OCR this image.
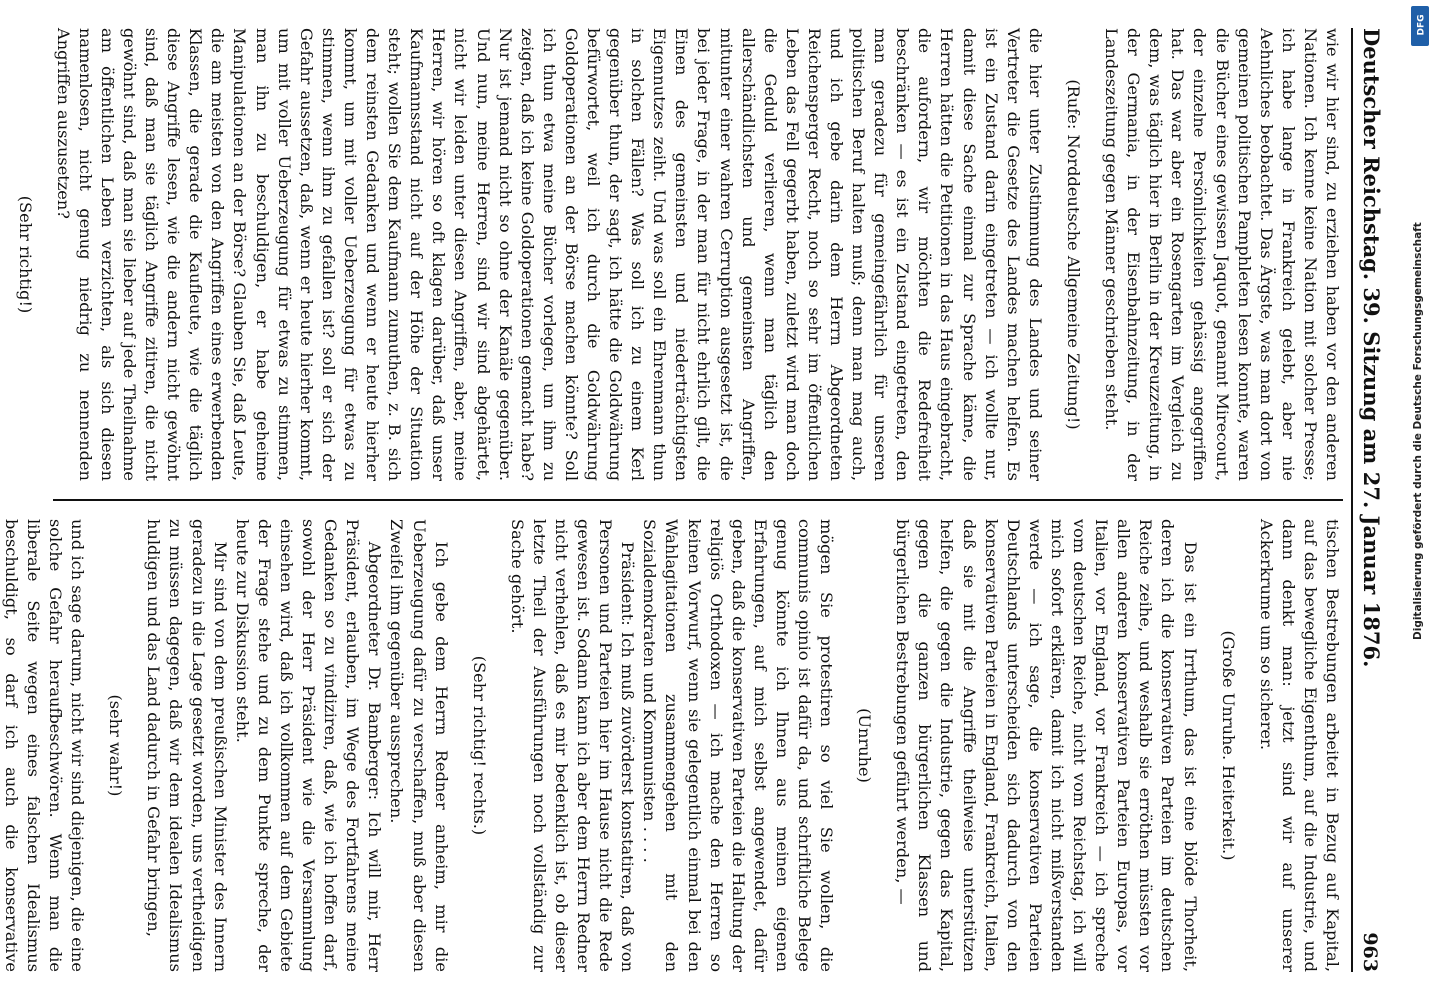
Deutscher Reichstag. 39. Sitzung am 27. Januar 1876.
963

wie wir hier sind, zu erziehen haben vor den anderen Nationen. Ich kenne keine Nation mit solcher Presse; ich habe lange in Frankreich gelebt, aber nie Aehnliches beobachtet. Das Ärgste, was man dort von gemeinen politischen Pamphleten lesen konnte, waren die Bücher eines gewissen Jaquot, genannt Mirecourt, der einzelne Persönlichkeiten gehässig angegriffen hat. Das war aber ein Rosengarten im Vergleich zu dem, was täglich hier in Berlin in der Kreuzzeitung, in der Germania, in der Eisenbahnzeitung, in der Landeszeitung gegen Männer geschrieben steht.

(Rufe: Norddeutsche Allgemeine Zeitung!)

die hier unter Zustimmung des Landes und seiner Vertreter die Gesetze des Landes machen helfen. Es ist ein Zustand darin eingetreten — ich wollte nur, damit diese Sache einmal zur Sprache käme, die Herren hätten die Petitionen in das Haus eingebracht, die aufordern, wir möchten die Redefreiheit beschränken — es ist ein Zustand eingetreten, den man geradezu für gemeingefährlich für unseren politischen Beruf halten muß; denn man mag auch, und ich gebe darin dem Herrn Abgeordneten Reichensperger Recht, noch so sehr im öffentlichen Leben das Fell gegerbt haben, zuletzt wird man doch die Geduld verlieren, wenn man täglich den allerschändlichsten und gemeinsten Angriffen, mitunter einer wahren Cerruption ausgesetzt ist, die bei jeder Frage, in der man für nicht ehrlich gilt, die Einen des gemeinsten und niederträchtigsten Eigennutzes zeiht. Und was soll ein Ehrenmann thun in solchen Fällen? Was soll ich zu einem Kerl gegenüber thun, der sagt, ich hätte die Goldwährung befürwortet, weil ich durch die Goldwährung Goldoperationen an der Börse machen könnte? Soll ich thun etwa meine Bücher vorlegen, um ihm zu zeigen, daß ich keine Goldoperationen gemacht habe? Nur ist jemand nicht so ohne der Kanäle gegenüber. Und nun, meine Herren, sind wir sind abgehärtet, nicht wir leiden unter diesen Angriffen, aber, meine Herren, wir hören so oft klagen darüber, daß unser Kaufmannsstand nicht auf der Höhe der Situation steht; wollen Sie dem Kaufmann zumuthen, z. B. sich dem reinsten Gedanken und wenn er heute hierher kommt, um mit voller Ueberzeugung für etwas zu stimmen, wenn ihm zu gefallen ist? soll er sich der Gefahr aussetzen, daß, wenn er heute hierher kommt, um mit voller Ueberzeugung für etwas zu stimmen, man ihn zu beschuldigen, er habe geheime Manipulationen an der Börse? Glauben Sie, daß Leute, die am meisten von den Angriffen eines erwerbenden Klassen, die gerade die Kaufleute, wie die täglich diese Angriffe lesen, wie die andern nicht gewöhnt sind, daß man sie täglich Angriffe zitiren, die nicht gewöhnt sind, daß man sie lieber auf jede Theilnahme am öffentlichen Leben verzichten, als sich diesen namenlosen, nicht genug niedrig zu nennenden Angriffen auszusetzen?

(Sehr richtig!)

tischen Bestrebungen arbeitet in Bezug auf Kapital, auf das bewegliche Eigenthum, auf die Industrie, und dann denkt man: jetzt sind wir auf unserer Ackerkrume um so sicherer.

(Große Unruhe. Heiterkeit.)

Das ist ein Irrthum, das ist eine blöde Thorheit, deren ich die konservativen Parteien im deutschen Reiche zeihe, und weshalb sie erröthen müssten vor allen anderen konservativen Parteien Europas, vor Italien, vor England, vor Frankreich — ich spreche vom deutschen Reiche, nicht vom Reichstag, ich will mich sofort erklären, damit ich nicht mißverstanden werde — ich sage, die konservativen Parteien Deutschlands unterscheiden sich dadurch von den konservativen Parteien in England, Frankreich, Italien, daß sie mit die Angriffe theilweise unterstützen helfen, die gegen die Industrie, gegen das Kapital, gegen die ganzen bürgerlichen Klassen und bürgerlichen Bestrebungen geführt werden, —

(Unruhe)

mögen Sie protestiren so viel Sie wollen, die communis opinio ist dafür da, und schriftliche Belege genug könnte ich Ihnen aus meinen eigenen Erfahrungen, auf mich selbst angewendet, dafür geben, daß die konservativen Parteien die Haltung der religiös Orthodoxen — ich mache den Herren so keinen Vorwurf, wenn sie gelegentlich einmal bei den Wahlagitationen zusammengehen mit den Sozialdemokraten und Kommunisten . . . .

Präsident: Ich muß zuvörderst konstatiren, daß von Personen und Parteien hier im Hause nicht die Rede gewesen ist. Sodann kann ich aber dem Herrn Redner nicht verhehlen, daß es mir bedenklich ist, ob dieser letzte Theil der Ausführungen noch vollständig zur Sache gehört.

(Sehr richtig! rechts.)

Ich gebe dem Herrn Redner anheim, mir die Ueberzeugung dafür zu verschaffen, muß aber diesen Zweifel ihm gegenüber aussprechen.

Abgeordneter Dr. Bamberger: Ich will mir, Herr Präsident, erlauben, im Wege des Fortfahrens meine Gedanken so zu vindiziren, daß, wie ich hoffen darf, sowohl der Herr Präsident wie die Versammlung einsehen wird, daß ich vollkommen auf dem Gebiete der Frage stehe und zu dem Punkte spreche, der heute zur Diskussion steht.

Mir sind von dem preußischen Minister des Innern geradezu in die Lage gesetzt worden, uns vertheidigen zu müssen dagegen, daß wir dem idealen Idealismus huldigen und das Land dadurch in Gefahr bringen,

(sehr wahr!)

und ich sage darum, nicht wir sind diejenigen, die eine solche Gefahr heraufbeschwören. Wenn man die liberale Seite wegen eines falschen Idealismus beschuldigt, so darf ich auch die konservative

Digitalisierung gefördert durch die Deutsche Forschungsgemeinschaft
DFG
